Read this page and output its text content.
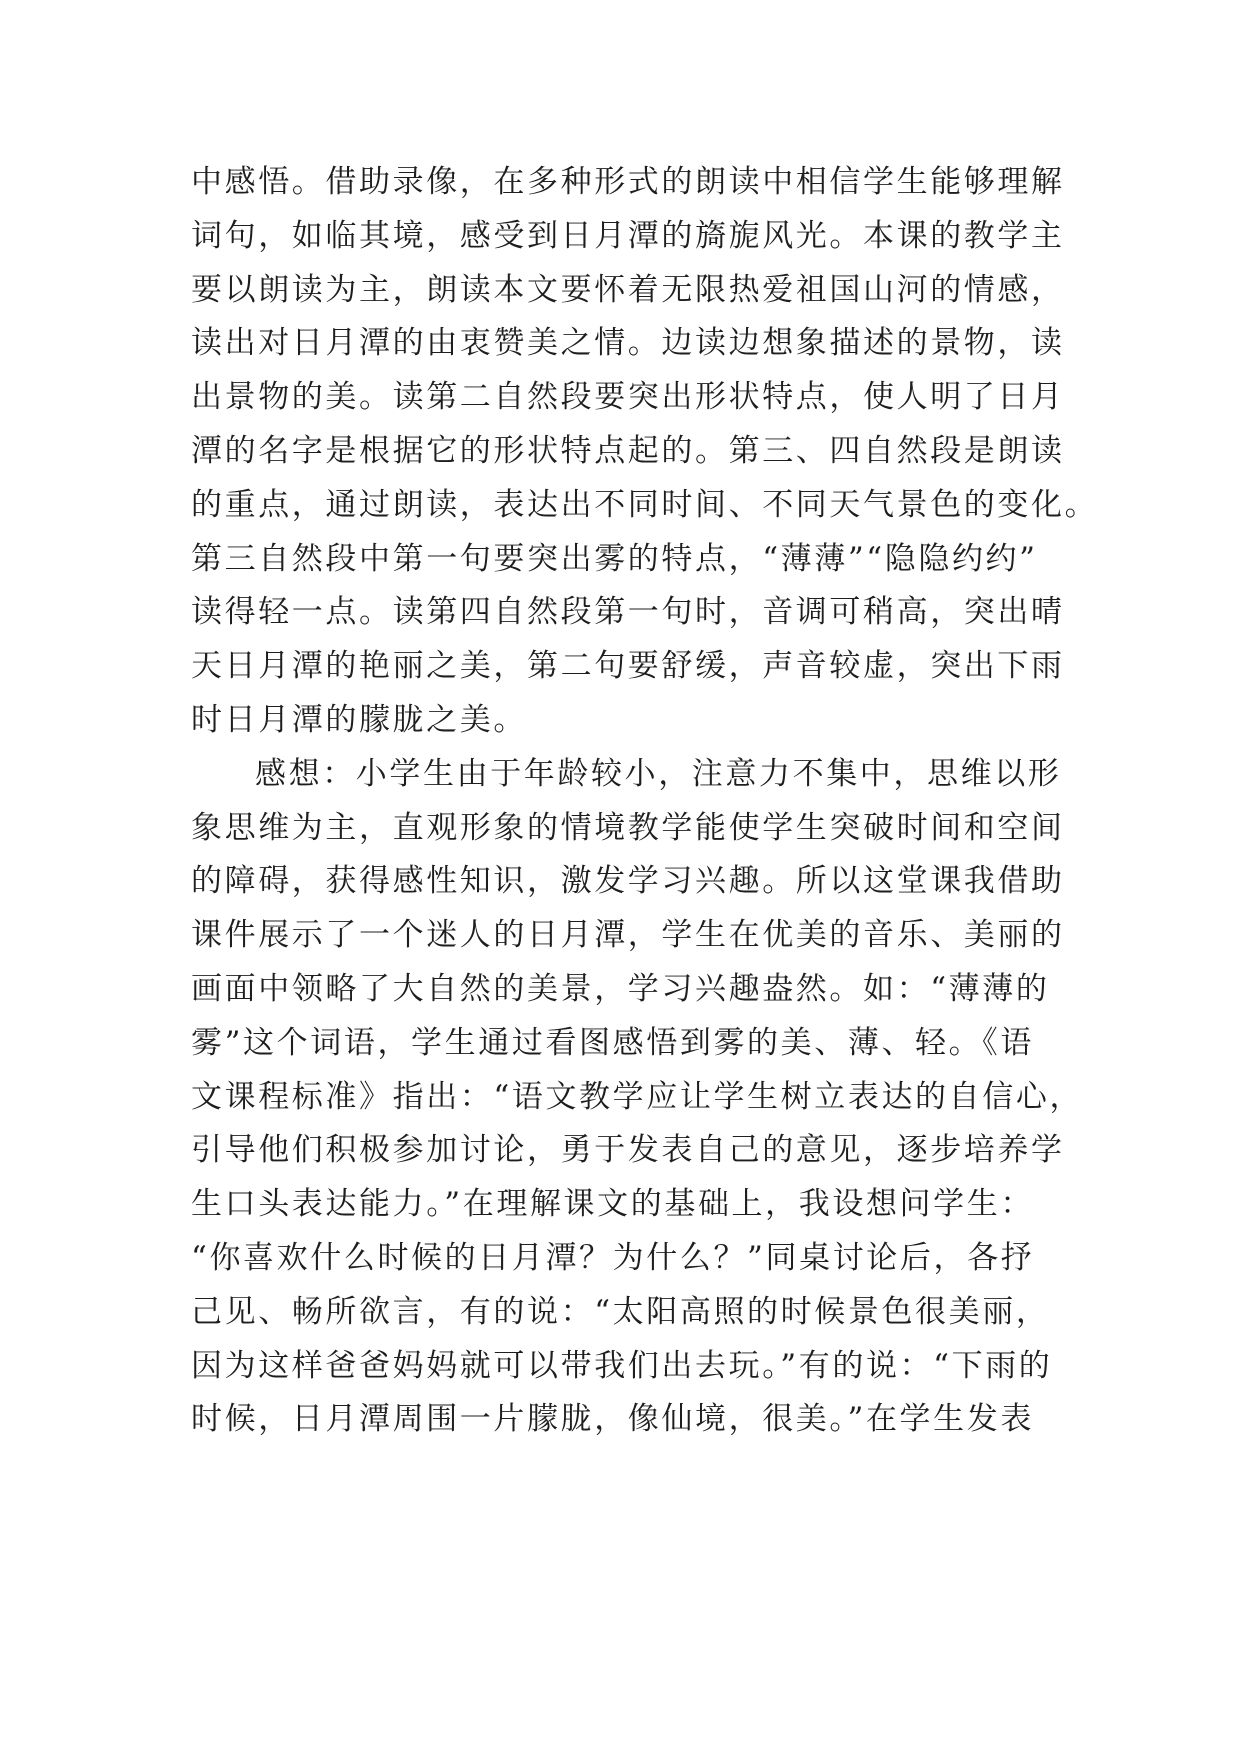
中感悟。借助录像，在多种形式的朗读中相信学生能够理解
词句，如临其境，感受到日月潭的旖旎风光。本课的教学主
要以朗读为主，朗读本文要怀着无限热爱祖国山河的情感，
读出对日月潭的由衷赞美之情。边读边想象描述的景物，读
出景物的美。读第二自然段要突出形状特点，使人明了日月
潭的名字是根据它的形状特点起的。第三、四自然段是朗读
的重点，通过朗读，表达出不同时间、不同天气景色的变化。
第三自然段中第一句要突出雾的特点，“薄薄”“隐隐约约”
读得轻一点。读第四自然段第一句时，音调可稍高，突出晴
天日月潭的艳丽之美，第二句要舒缓，声音较虚，突出下雨
时日月潭的朦胧之美。
感想：小学生由于年龄较小，注意力不集中，思维以形
象思维为主，直观形象的情境教学能使学生突破时间和空间
的障碍，获得感性知识，激发学习兴趣。所以这堂课我借助
课件展示了一个迷人的日月潭，学生在优美的音乐、美丽的
画面中领略了大自然的美景，学习兴趣盎然。如：“薄薄的
雾”这个词语，学生通过看图感悟到雾的美、薄、轻。《语
文课程标准》指出：“语文教学应让学生树立表达的自信心，
引导他们积极参加讨论，勇于发表自己的意见，逐步培养学
生口头表达能力。”在理解课文的基础上，我设想问学生：
“你喜欢什么时候的日月潭？为什么？”同桌讨论后，各抒
己见、畅所欲言，有的说：“太阳高照的时候景色很美丽，
因为这样爸爸妈妈就可以带我们出去玩。”有的说：“下雨的
时候，日月潭周围一片朦胧，像仙境，很美。”在学生发表
